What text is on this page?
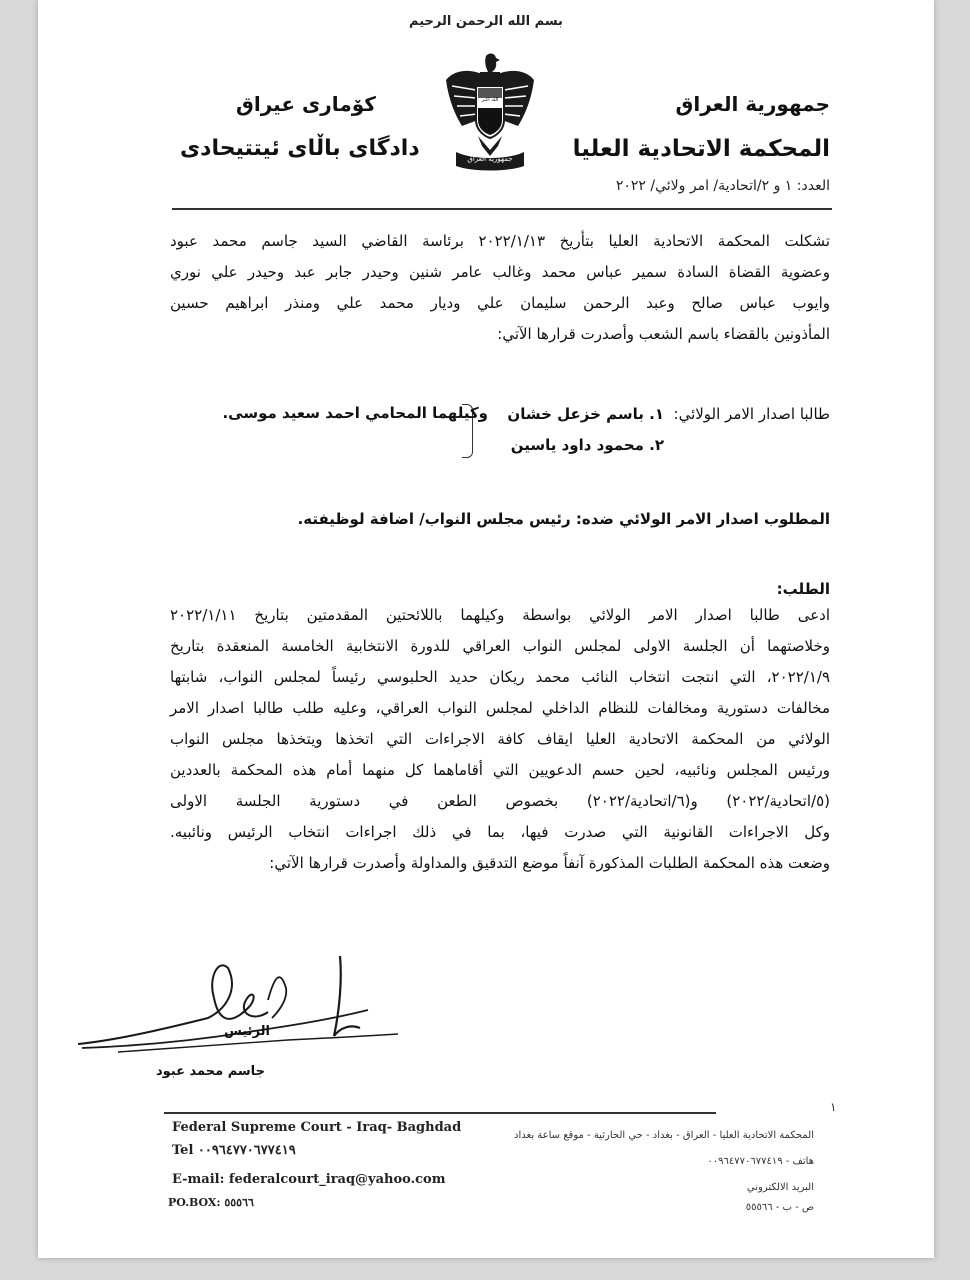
بسم الله الرحمن الرحيم
جمهورية العراق
المحكمة الاتحادية العليا
كۆماری عیراق
دادگای باڵای ئیتتیحادی
الله اكبر
جمهورية العراق
العدد: ١ و ٢/اتحادية/ امر ولائي/ ٢٠٢٢
تشكلت المحكمة الاتحادية العليا بتأريخ ٢٠٢٢/١/١٣ برئاسة القاضي السيد جاسم محمد عبود
وعضوية القضاة السادة سمير عباس محمد وغالب عامر شنين وحيدر جابر عبد وحيدر علي نوري
وايوب عباس صالح وعبد الرحمن سليمان علي وديار محمد علي ومنذر ابراهيم حسين
المأذونين بالقضاء باسم الشعب وأصدرت قرارها الآتي:
طالبا اصدار الامر الولائي:
١. باسم خزعل خشان
٢. محمود داود ياسين
وكيلهما المحامي احمد سعيد موسى.
المطلوب اصدار الامر الولائي ضده: رئيس مجلس النواب/ اضافة لوظيفته.
الطلب:
ادعى طالبا اصدار الامر الولائي بواسطة وكيلهما باللائحتين المقدمتين بتاريخ ٢٠٢٢/١/١١
وخلاصتهما أن الجلسة الاولى لمجلس النواب العراقي للدورة الانتخابية الخامسة المنعقدة بتاريخ
٢٠٢٢/١/٩، التي انتجت انتخاب النائب محمد ريكان حديد الحلبوسي رئيساً لمجلس النواب، شابتها
مخالفات دستورية ومخالفات للنظام الداخلي لمجلس النواب العراقي، وعليه طلب طالبا اصدار الامر
الولائي من المحكمة الاتحادية العليا ايقاف كافة الاجراءات التي اتخذها ويتخذها مجلس النواب
ورئيس المجلس ونائبيه، لحين حسم الدعويين التي أقاماهما كل منهما أمام هذه المحكمة بالعددين
(٥/اتحادية/٢٠٢٢) و(٦/اتحادية/٢٠٢٢) بخصوص الطعن في دستورية الجلسة الاولى
وكل الاجراءات القانونية التي صدرت فيها، بما في ذلك اجراءات انتخاب الرئيس ونائبيه.
وضعت هذه المحكمة الطلبات المذكورة آنفاً موضع التدقيق والمداولة وأصدرت قرارها الآتي:
الرئيس
جاسم محمد عبود
١
Federal Supreme Court - Iraq- Baghdad
Tel ٠٠٩٦٤٧٧٠٦٧٧٤١٩
E-mail: federalcourt_iraq@yahoo.com
PO.BOX: ٥٥٥٦٦
المحكمة الاتحادية العليا - العراق - بغداد - حي الحارثية - موقع ساعة بغداد
هاتف - ٠٠٩٦٤٧٧٠٦٧٧٤١٩
البريد الالكتروني
ص - ب - ٥٥٥٦٦
